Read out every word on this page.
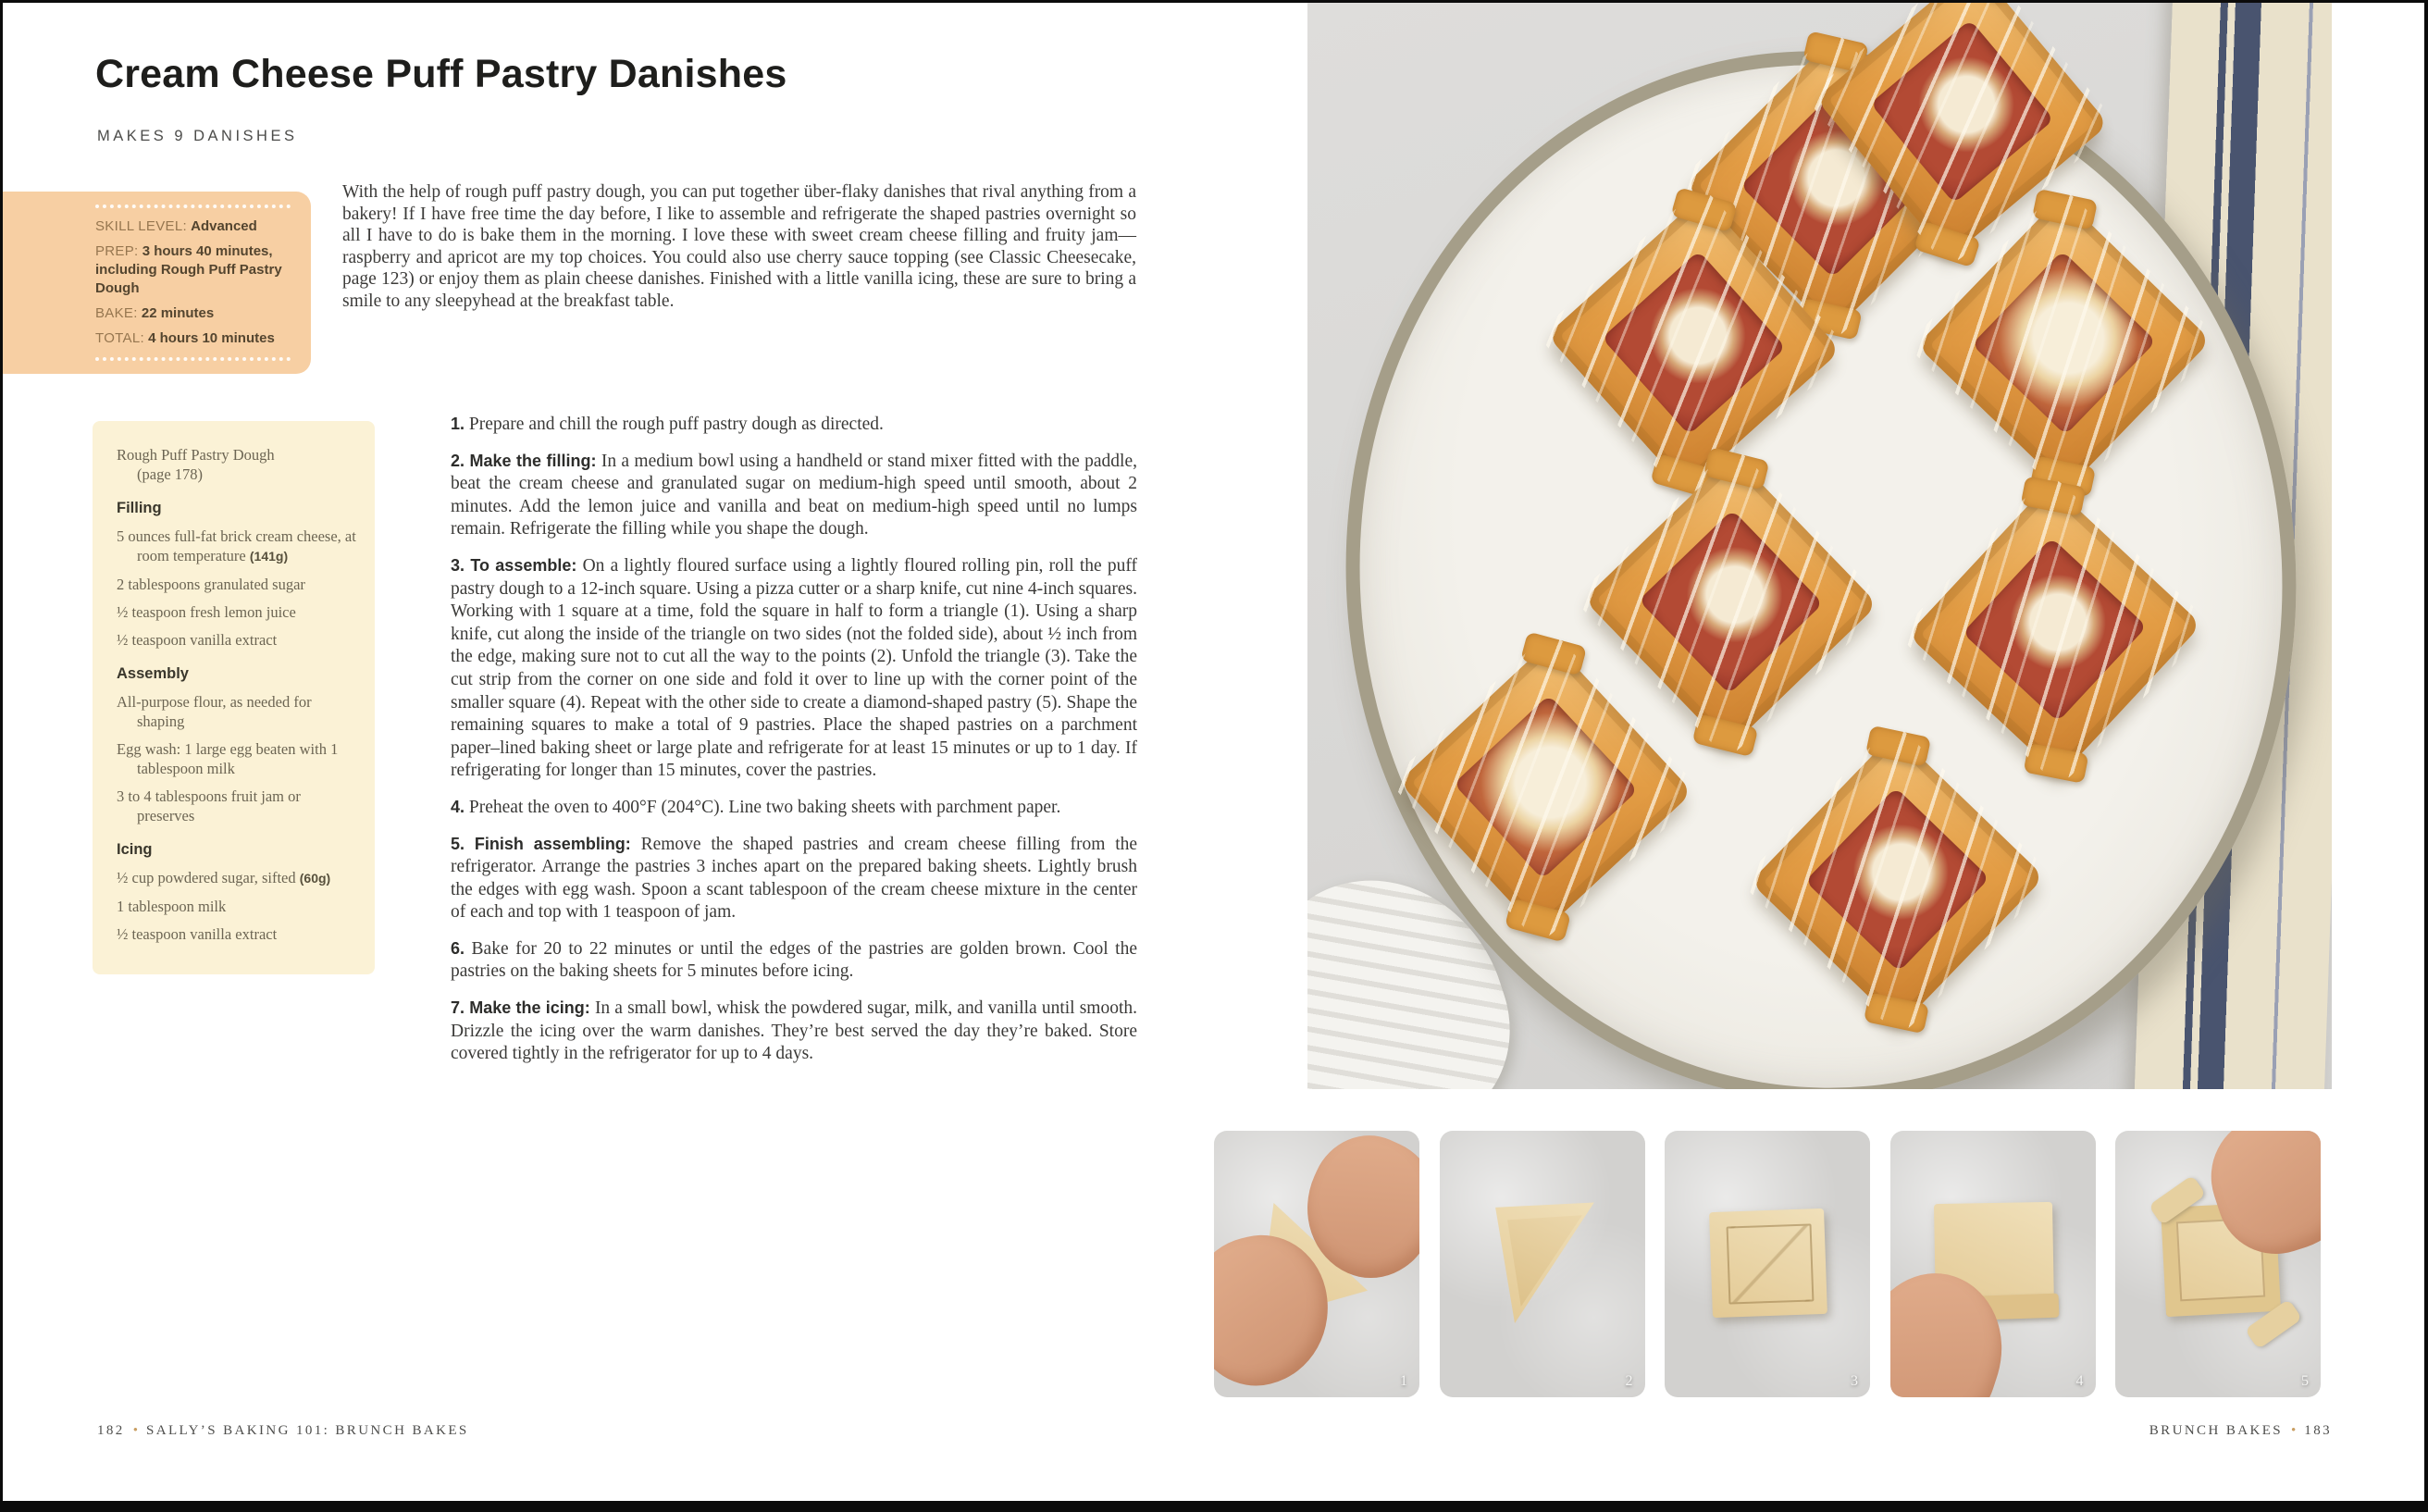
Cream Cheese Puff Pastry Danishes
MAKES 9 DANISHES
SKILL LEVEL: Advanced
PREP: 3 hours 40 minutes, including Rough Puff Pastry Dough
BAKE: 22 minutes
TOTAL: 4 hours 10 minutes

With the help of rough puff pastry dough, you can put together über-flaky danishes that rival anything from a bakery! If I have free time the day before, I like to assemble and refrigerate the shaped pastries overnight so all I have to do is bake them in the morning. I love these with sweet cream cheese filling and fruity jam—raspberry and apricot are my top choices. You could also use cherry sauce topping (see Classic Cheesecake, page 123) or enjoy them as plain cheese danishes. Finished with a little vanilla icing, these are sure to bring a smile to any sleepyhead at the breakfast table.

Rough Puff Pastry Dough
(page 178)

Filling

5 ounces full-fat brick cream cheese, at room temperature (141g)

2 tablespoons granulated sugar

½ teaspoon fresh lemon juice

½ teaspoon vanilla extract

Assembly

All-purpose flour, as needed for shaping

Egg wash: 1 large egg beaten with 1 tablespoon milk

3 to 4 tablespoons fruit jam or preserves

Icing

½ cup powdered sugar, sifted (60g)

1 tablespoon milk

½ teaspoon vanilla extract

1. Prepare and chill the rough puff pastry dough as directed.

2. Make the filling: In a medium bowl using a handheld or stand mixer fitted with the paddle, beat the cream cheese and granulated sugar on medium-high speed until smooth, about 2 minutes. Add the lemon juice and vanilla and beat on medium-high speed until no lumps remain. Refrigerate the filling while you shape the dough.

3. To assemble: On a lightly floured surface using a lightly floured rolling pin, roll the puff pastry dough to a 12-inch square. Using a pizza cutter or a sharp knife, cut nine 4-inch squares. Working with 1 square at a time, fold the square in half to form a triangle (1). Using a sharp knife, cut along the inside of the triangle on two sides (not the folded side), about ½ inch from the edge, making sure not to cut all the way to the points (2). Unfold the triangle (3). Take the cut strip from the corner on one side and fold it over to line up with the corner point of the smaller square (4). Repeat with the other side to create a diamond-shaped pastry (5). Shape the remaining squares to make a total of 9 pastries. Place the shaped pastries on a parchment paper–lined baking sheet or large plate and refrigerate for at least 15 minutes or up to 1 day. If refrigerating for longer than 15 minutes, cover the pastries.

4. Preheat the oven to 400°F (204°C). Line two baking sheets with parchment paper.

5. Finish assembling: Remove the shaped pastries and cream cheese filling from the refrigerator. Arrange the pastries 3 inches apart on the prepared baking sheets. Lightly brush the edges with egg wash. Spoon a scant tablespoon of the cream cheese mixture in the center of each and top with 1 teaspoon of jam.

6. Bake for 20 to 22 minutes or until the edges of the pastries are golden brown. Cool the pastries on the baking sheets for 5 minutes before icing.

7. Make the icing: In a small bowl, whisk the powdered sugar, milk, and vanilla until smooth. Drizzle the icing over the warm danishes. They’re best served the day they’re baked. Store covered tightly in the refrigerator for up to 4 days.

182 • SALLY’S BAKING 101: BRUNCH BAKES
1	2	3	4	5
BRUNCH BAKES • 183
